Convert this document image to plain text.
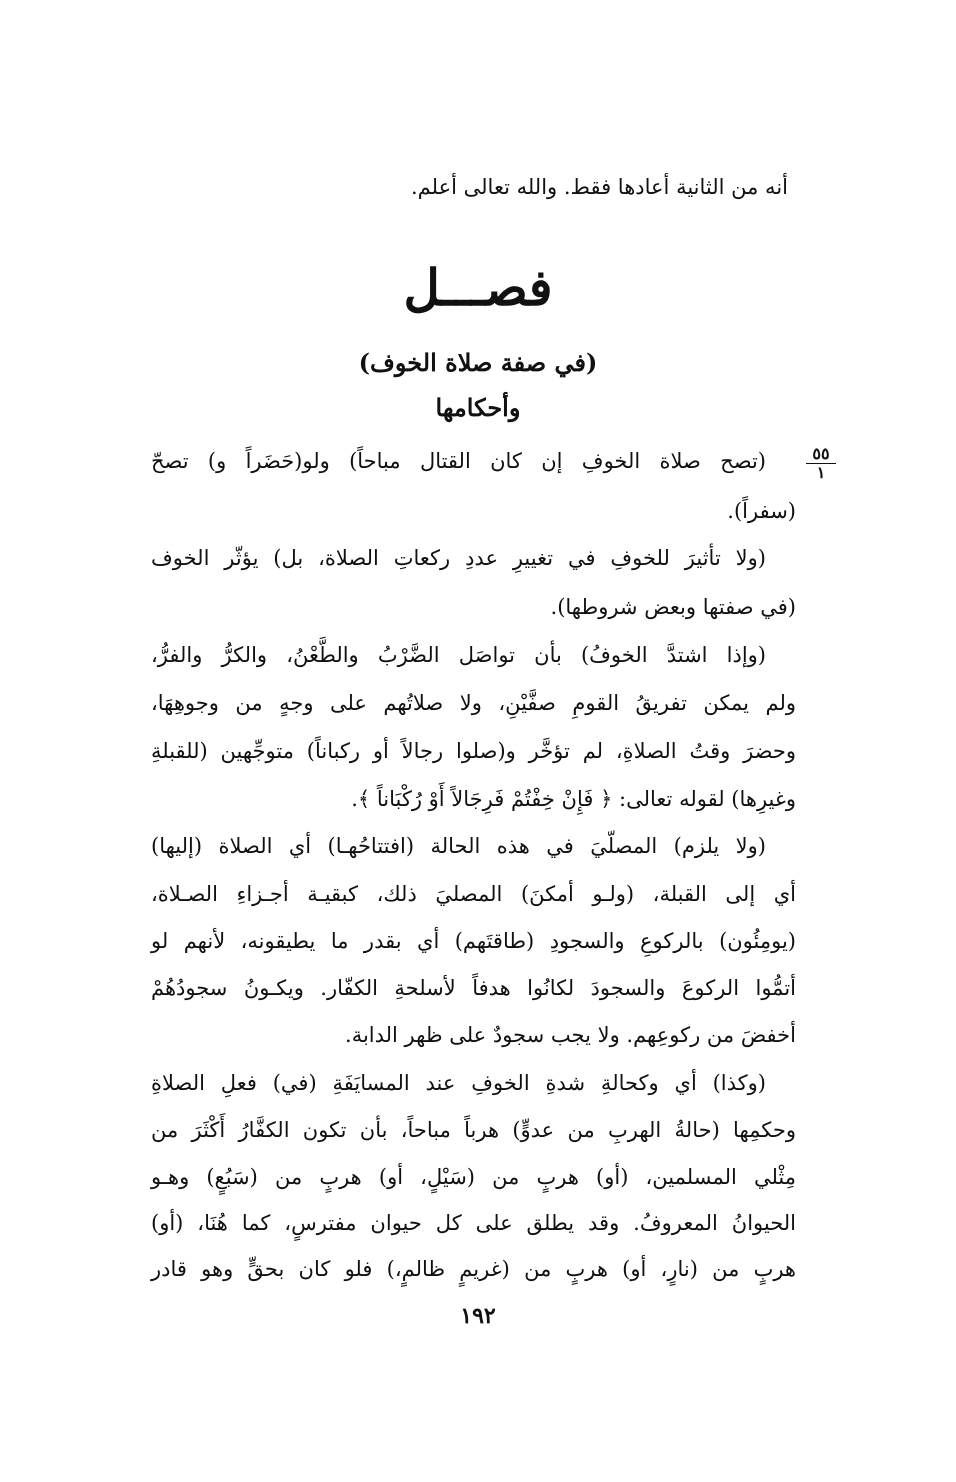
أنه من الثانية أعادها فقط. والله تعالى أعلم.
فصـــل
(في صفة صلاة الخوف)
وأحكامها
٥٥
١
(تصح صلاة الخوفِ إن كان القتال مباحاً) ولو(حَضَراً و) تصحّ
(سفراً).
(ولا تأثيرَ للخوفِ في تغييرِ عددِ ركعاتِ الصلاة، بل) يؤثّر الخوف
(في صفتها وبعض شروطها).
(وإذا اشتدَّ الخوفُ) بأن تواصَل الضَّرْبُ والطَّعْنُ، والكرُّ والفرُّ،
ولم يمكن تفريقُ القومِ صفَّيْنِ، ولا صلاتُهم على وجهٍ من وجوهِهَا،
وحضرَ وقتُ الصلاةِ، لم تؤخَّر و(صلوا رجالاً أو ركباناً) متوجِّهين (للقبلةِ
وغيرِها) لقوله تعالى: ﴿ فَإِنْ خِفْتُمْ فَرِجَالاً أَوْ رُكْبَاناً ﴾.
(ولا يلزم) المصلّيَ في هذه الحالة (افتتاحُهـا) أي الصلاة (إليها)
أي إلى القبلة، (ولـو أمكنَ) المصليَ ذلك، كبقيـة أجـزاءِ الصـلاة،
(يومِئُون) بالركوعِ والسجودِ (طاقتَهم) أي بقدر ما يطيقونه، لأنهم لو
أتمُّوا الركوعَ والسجودَ لكانُوا هدفاً لأسلحةِ الكفّار. ويكـونُ سجودُهُمْ
أخفضَ من ركوعِهم. ولا يجب سجودٌ على ظهر الدابة.
(وكذا) أي وكحالةِ شدةِ الخوفِ عند المسايَفَةِ (في) فعلِ الصلاةِ
وحكمِها (حالةُ الهربِ من عدوٍّ) هرباً مباحاً، بأن تكون الكفَّارُ أَكْثَرَ من
مِثْلي المسلمين، (أو) هربٍ من (سَيْلٍ، أو) هربٍ من (سَبُعٍ) وهـو
الحيوانُ المعروفُ. وقد يطلق على كل حيوان مفترسٍ، كما هُنَا، (أو)
هربٍ من (نارٍ، أو) هربٍ من (غريمٍ ظالمٍ،) فلو كان بحقٍّ وهو قادر
١٩٢
